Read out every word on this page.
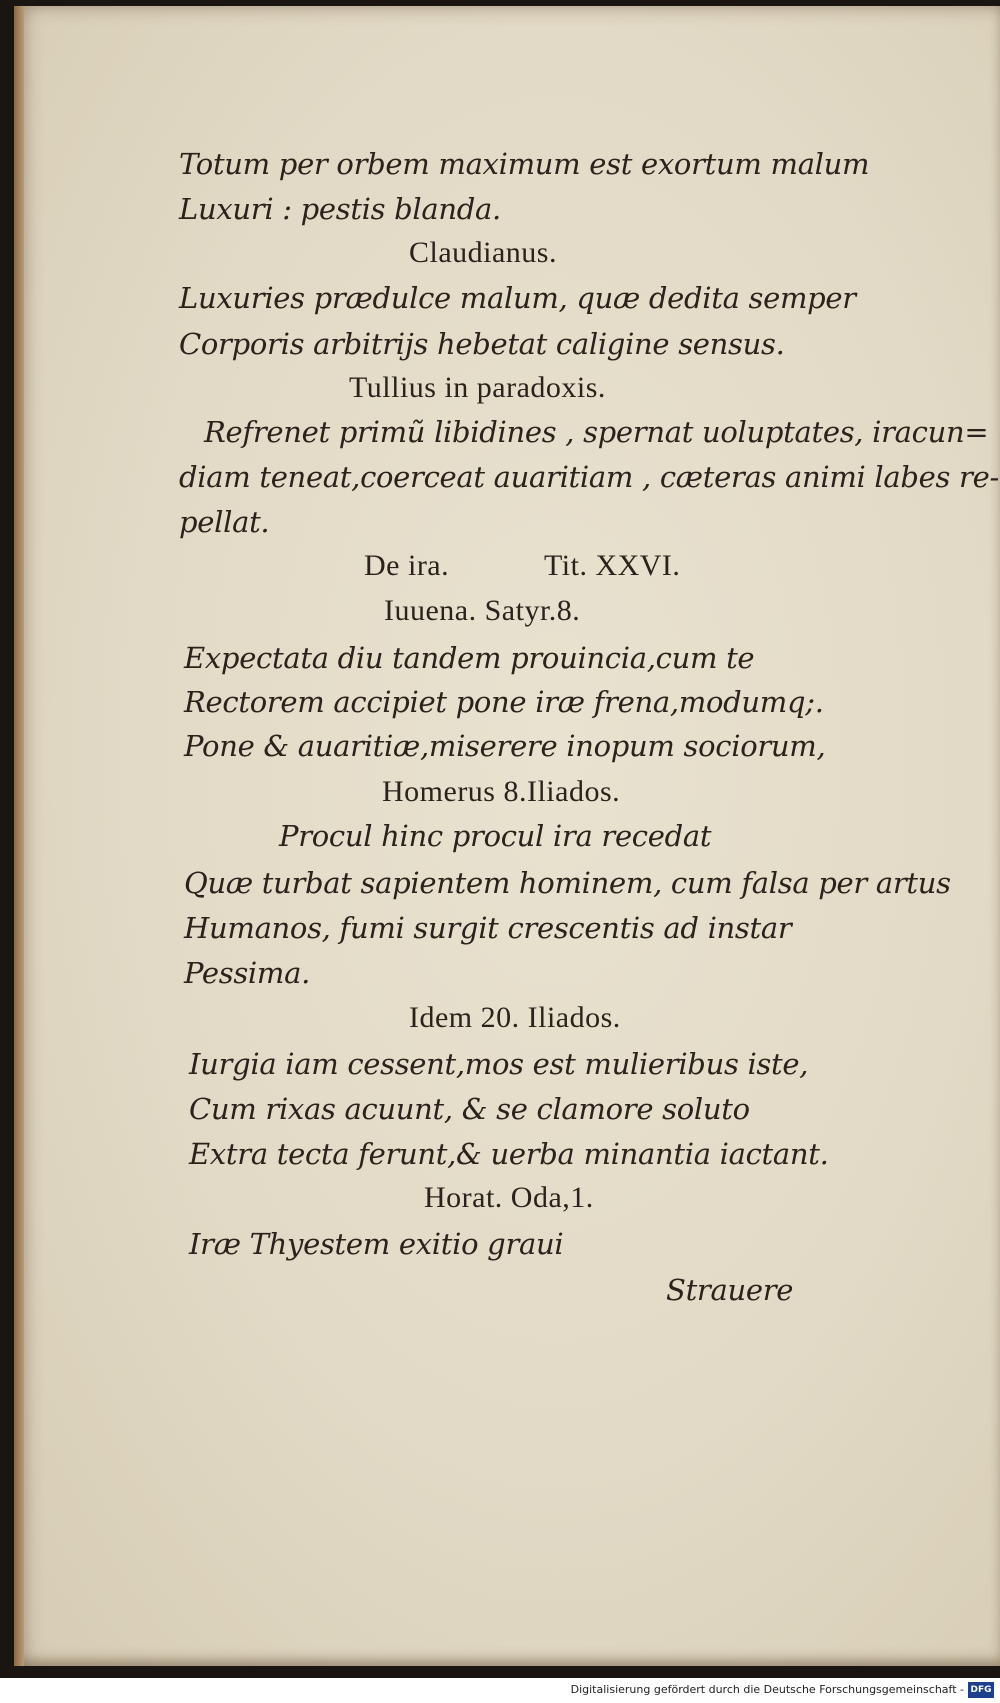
Totum per orbem maximum est exortum malum
Luxuri : pestis blanda.
Claudianus.
Luxuries prædulce malum, quæ dedita semper
Corporis arbitrijs hebetat caligine sensus.
Tullius in paradoxis.
Refrenet primũ libidines , spernat uoluptates, iracun=
diam teneat,coerceat auaritiam , cæteras animi labes re-
pellat.
De ira.	Tit. XXVI.
Iuuena. Satyr.8.
Expectata diu tandem prouincia,cum te
Rectorem accipiet pone iræ frena,modumq;.
Pone & auaritiæ,miserere inopum sociorum,
Homerus 8.Iliados.
Procul hinc procul ira recedat
Quæ turbat sapientem hominem, cum falsa per artus
Humanos, fumi surgit crescentis ad instar
Pessima.
Idem 20. Iliados.
Iurgia iam cessent,mos est mulieribus iste,
Cum rixas acuunt, & se clamore soluto
Extra tecta ferunt,& uerba minantia iactant.
Horat. Oda,1.
Iræ Thyestem exitio graui
Strauere
Digitalisierung gefördert durch die Deutsche Forschungsgemeinschaft - DFG
